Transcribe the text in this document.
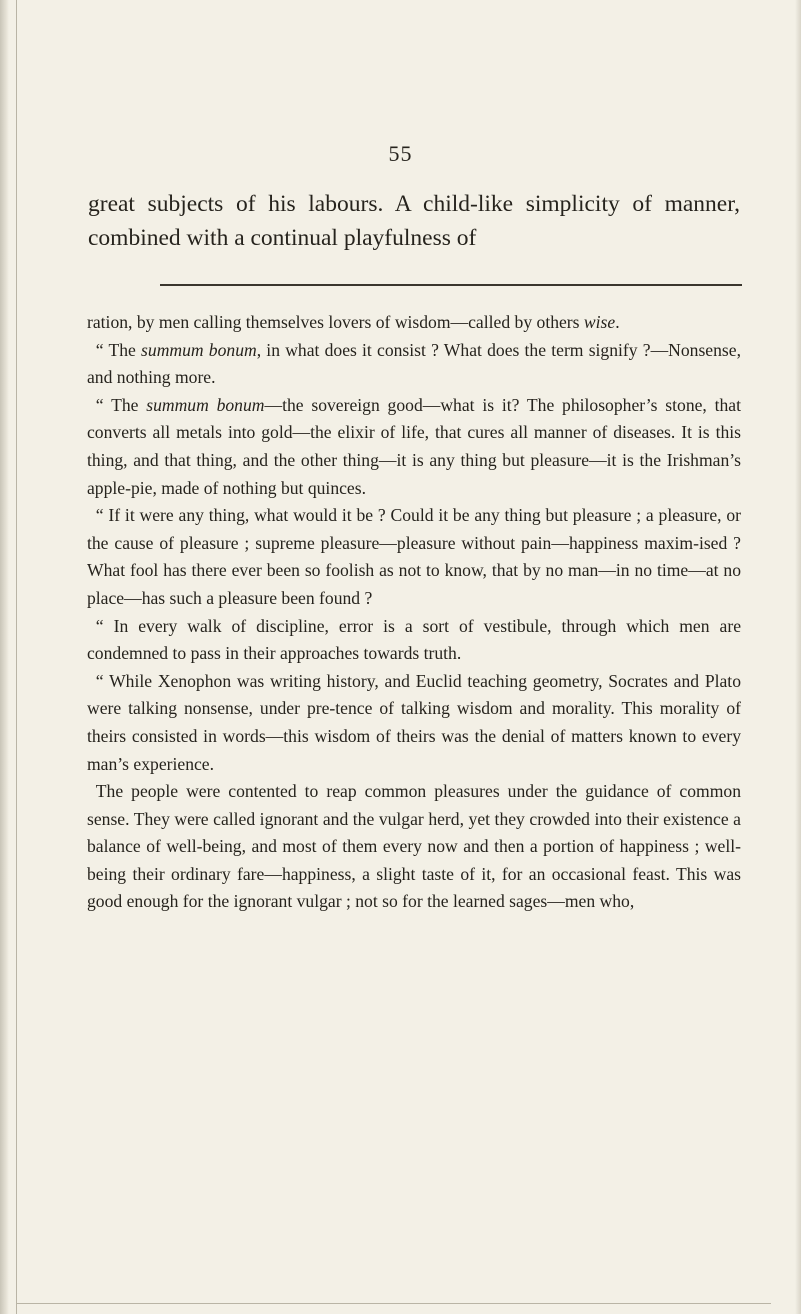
55

great subjects of his labours. A child-like simplicity of manner, combined with a continual playfulness of

ration, by men calling themselves lovers of wisdom—called by others wise.

“ The summum bonum, in what does it consist ? What does the term signify ?—Nonsense, and nothing more.

“ The summum bonum—the sovereign good—what is it? The philosopher’s stone, that converts all metals into gold—the elixir of life, that cures all manner of diseases. It is this thing, and that thing, and the other thing—it is any thing but pleasure—it is the Irishman’s apple-pie, made of nothing but quinces.

“ If it were any thing, what would it be ? Could it be any thing but pleasure ; a pleasure, or the cause of pleasure ; supreme pleasure—pleasure without pain—happiness maxim-ised ? What fool has there ever been so foolish as not to know, that by no man—in no time—at no place—has such a pleasure been found ?

“ In every walk of discipline, error is a sort of vestibule, through which men are condemned to pass in their approaches towards truth.

“ While Xenophon was writing history, and Euclid teaching geometry, Socrates and Plato were talking nonsense, under pre-tence of talking wisdom and morality. This morality of theirs consisted in words—this wisdom of theirs was the denial of matters known to every man’s experience.

The people were contented to reap common pleasures under the guidance of common sense. They were called ignorant and the vulgar herd, yet they crowded into their existence a balance of well-being, and most of them every now and then a portion of happiness ; well-being their ordinary fare—happiness, a slight taste of it, for an occasional feast. This was good enough for the ignorant vulgar ; not so for the learned sages—men who,
